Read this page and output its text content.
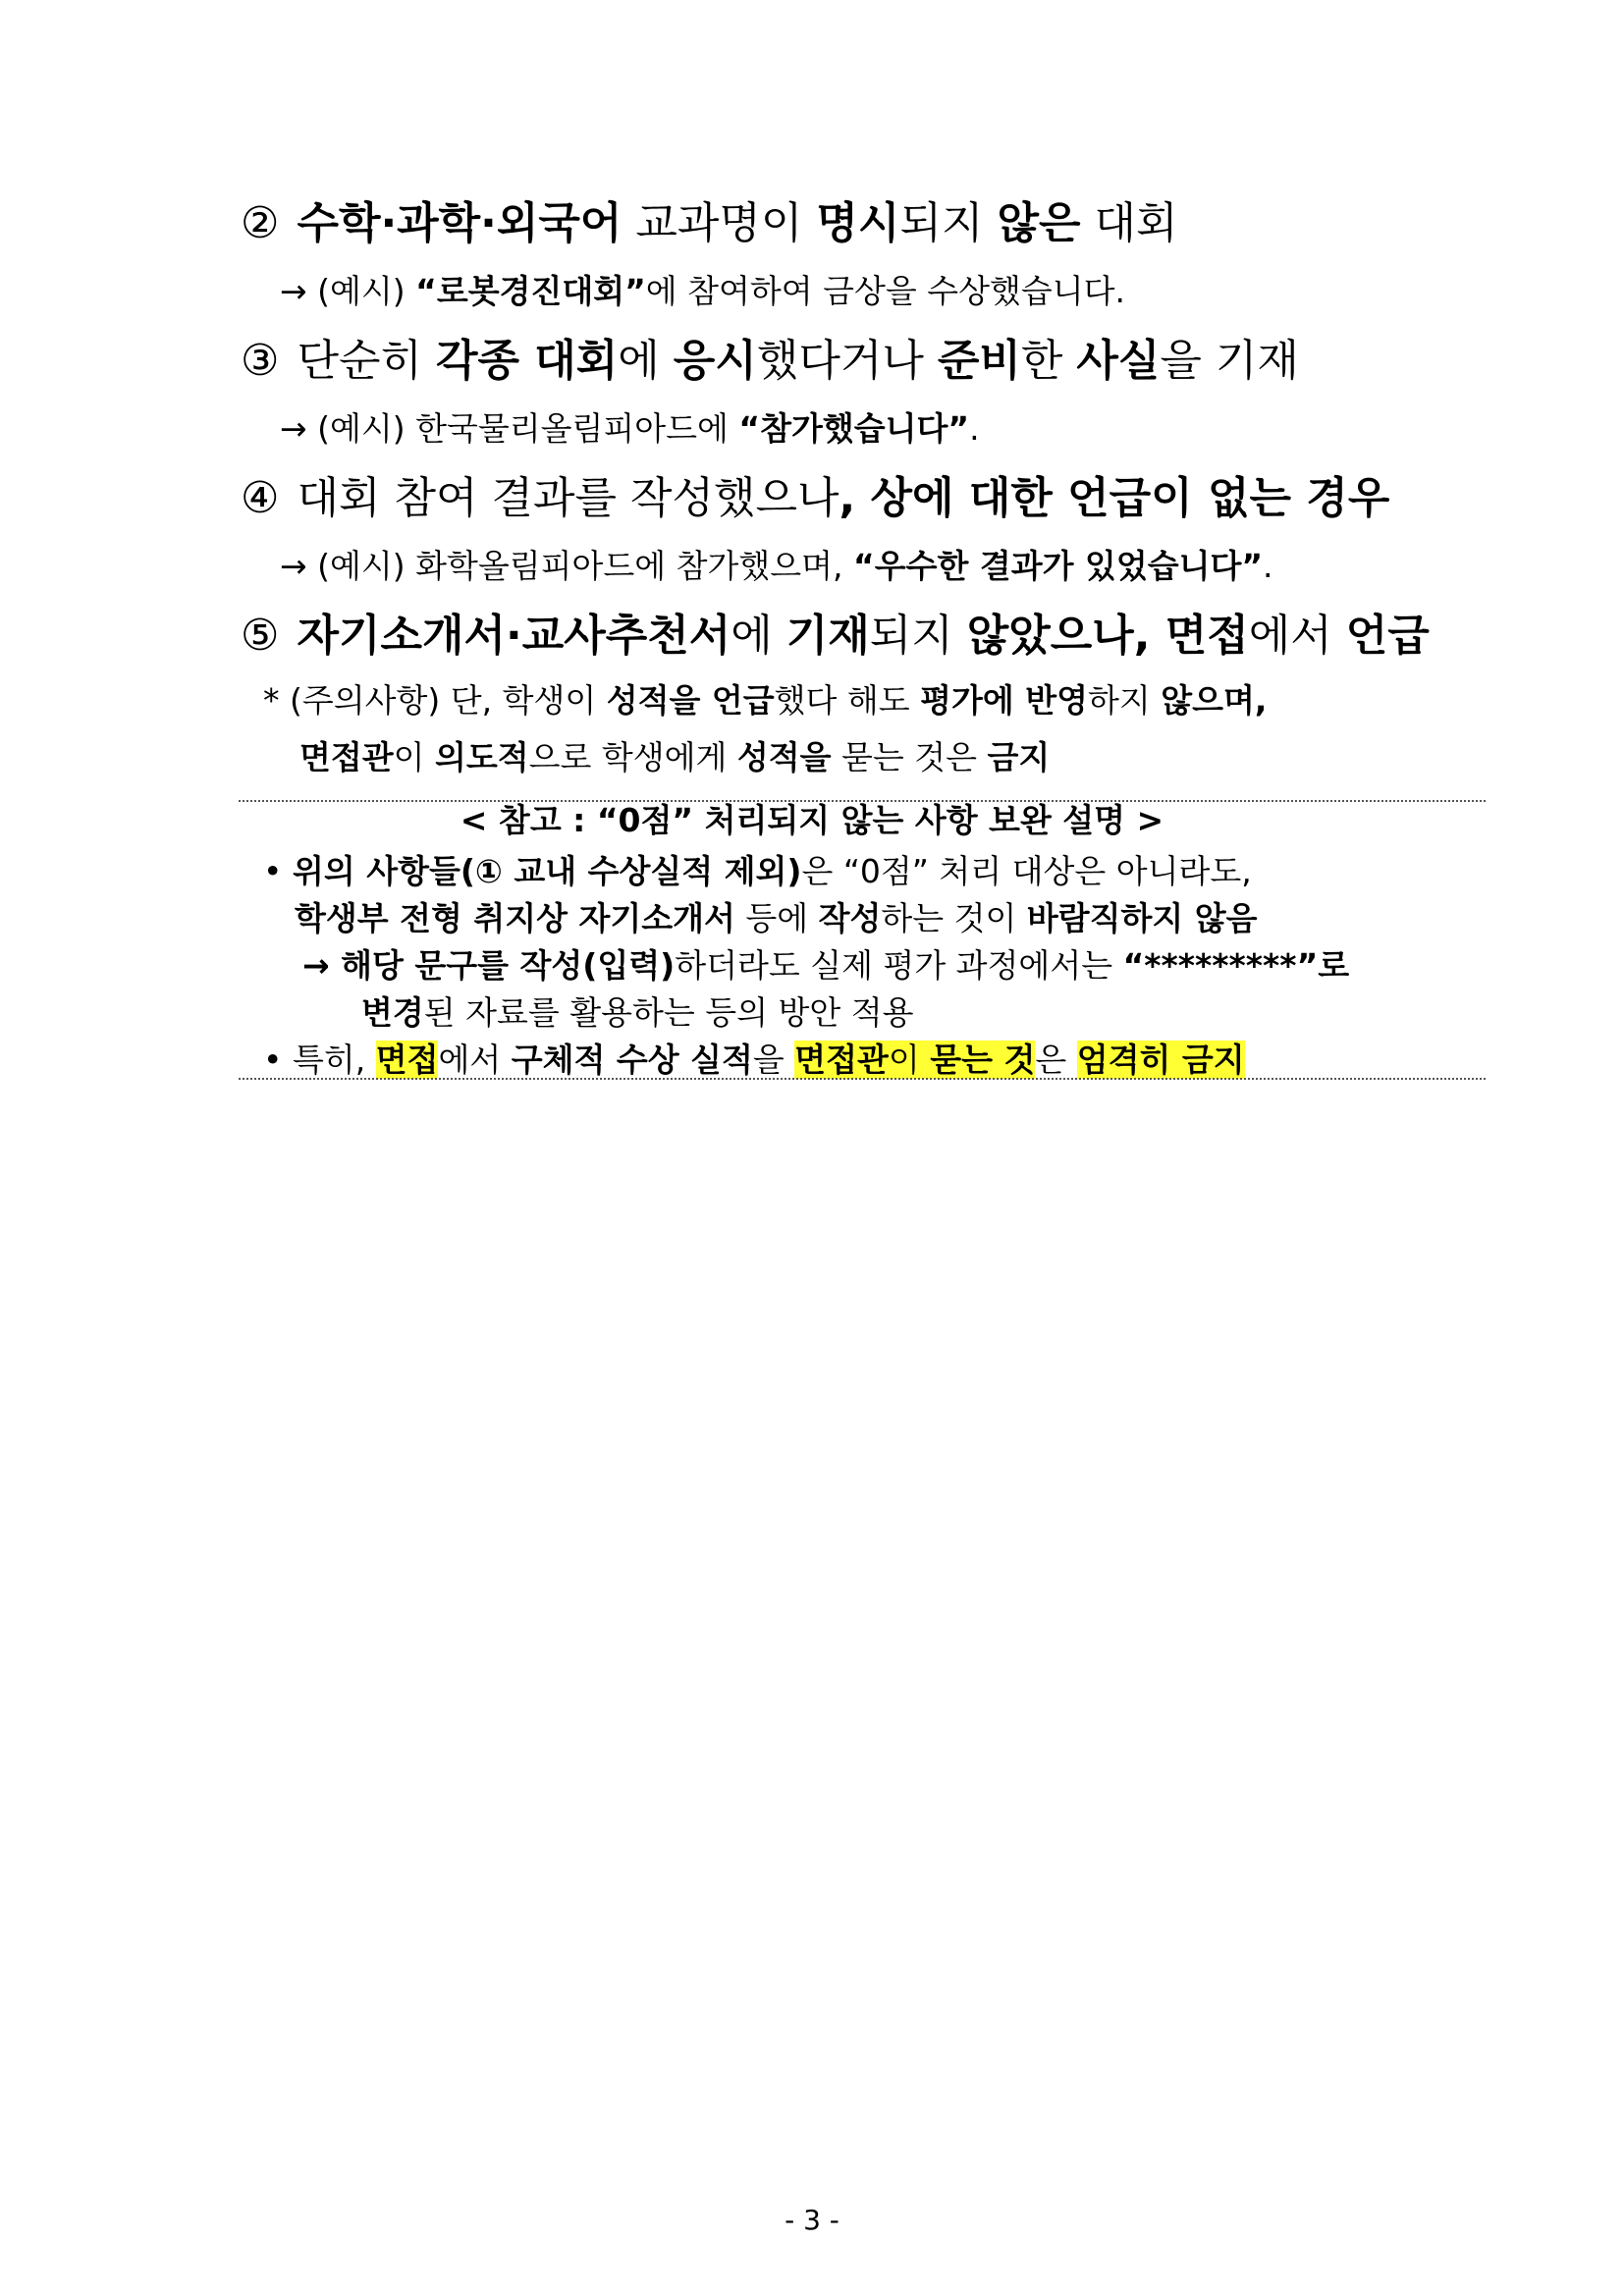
② 수학·과학·외국어 교과명이 명시되지 않은 대회
→ (예시) “로봇경진대회”에 참여하여 금상을 수상했습니다.
③ 단순히 각종 대회에 응시했다거나 준비한 사실을 기재
→ (예시) 한국물리올림피아드에 “참가했습니다”.
④ 대회 참여 결과를 작성했으나, 상에 대한 언급이 없는 경우
→ (예시) 화학올림피아드에 참가했으며, “우수한 결과가 있었습니다”.
⑤ 자기소개서·교사추천서에 기재되지 않았으나, 면접에서 언급
* (주의사항) 단, 학생이 성적을 언급했다 해도 평가에 반영하지 않으며,
면접관이 의도적으로 학생에게 성적을 묻는 것은 금지
< 참고 : “0점” 처리되지 않는 사항 보완 설명 >
• 위의 사항들(① 교내 수상실적 제외)은 “0점” 처리 대상은 아니라도,
학생부 전형 취지상 자기소개서 등에 작성하는 것이 바람직하지 않음
→ 해당 문구를 작성(입력)하더라도 실제 평가 과정에서는 “*********”로
변경된 자료를 활용하는 등의 방안 적용
• 특히, 면접에서 구체적 수상 실적을 면접관이 묻는 것은 엄격히 금지
- 3 -
